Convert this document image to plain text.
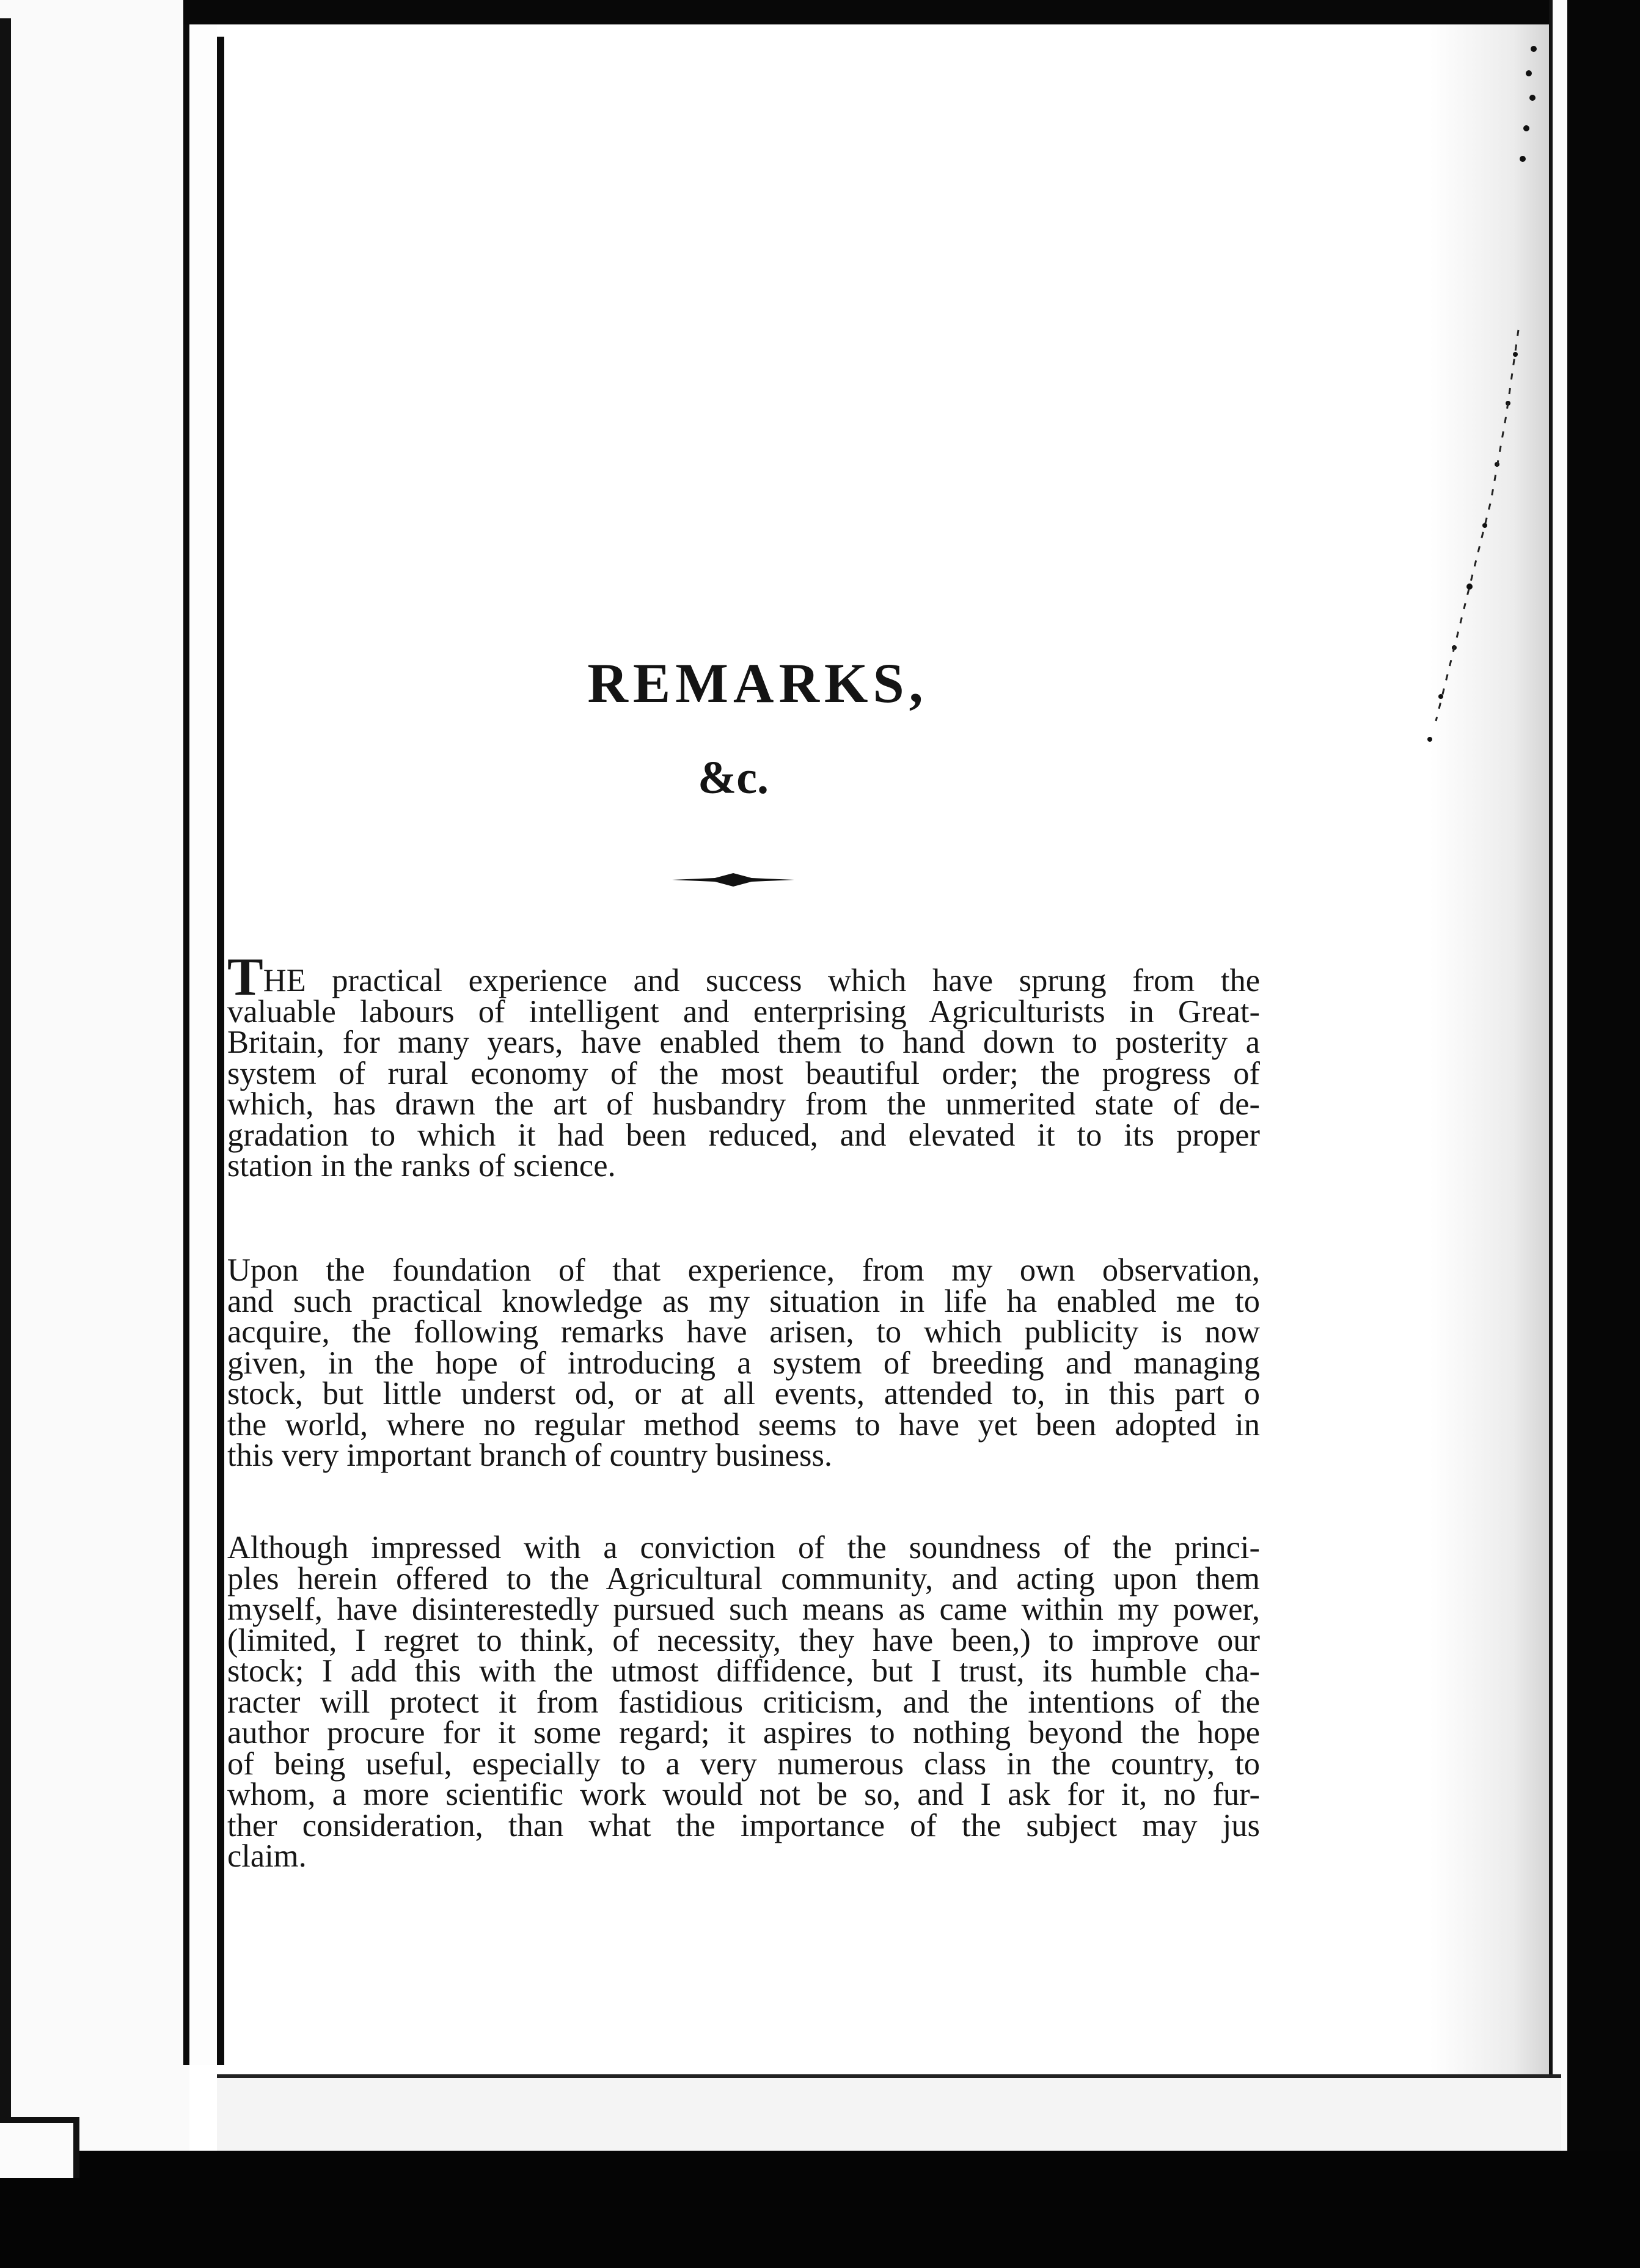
REMARKS,
&c.
THE practical experience and success which have sprung from the
valuable labours of intelligent and enterprising Agriculturists in Great-
Britain, for many years, have enabled them to hand down to posterity a
system of rural economy of the most beautiful order; the progress of
which, has drawn the art of husbandry from the unmerited state of de-
gradation to which it had been reduced, and elevated it to its proper
station in the ranks of science.
Upon the foundation of that experience, from my own observation,
and such practical knowledge as my situation in life ha enabled me to
acquire, the following remarks have arisen, to which publicity is now
given, in the hope of introducing a system of breeding and managing
stock, but little underst od, or at all events, attended to, in this part o
the world, where no regular method seems to have yet been adopted in
this very important branch of country business.
Although impressed with a conviction of the soundness of the princi-
ples herein offered to the Agricultural community, and acting upon them
myself, have disinterestedly pursued such means as came within my power,
(limited, I regret to think, of necessity, they have been,) to improve our
stock; I add this with the utmost diffidence, but I trust, its humble cha-
racter will protect it from fastidious criticism, and the intentions of the
author procure for it some regard; it aspires to nothing beyond the hope
of being useful, especially to a very numerous class in the country, to
whom, a more scientific work would not be so, and I ask for it, no fur-
ther consideration, than what the importance of the subject may jus
claim.
